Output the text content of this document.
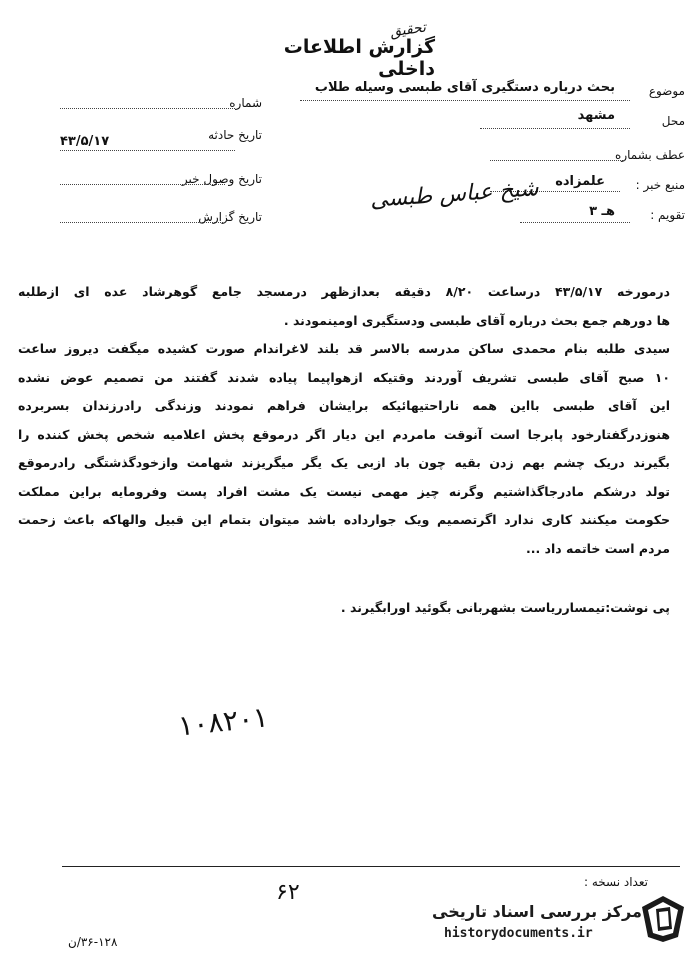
گزارش اطلاعات داخلی
تحقیق
موضوع
بحث درباره دستگیری آقای طبسی وسیله طلاب
محل
مشهد
عطف بشماره
منبع خبر :
علمزاده
تقویم :
هـ ۳
شماره
تاریخ حادثه
۴۳/۵/۱۷
تاریخ وصول خبر
تاریخ گزارش
شیخ عباس طبسی
درمورخه ۴۳/۵/۱۷ درساعت ۸/۲۰ دقیقه بعدازظهر درمسجد جامع گوهرشاد عده ای ازطلبه
ها دورهم جمع بحث درباره آقای طبسی ودستگیری اومینمودند .
سیدی طلبه بنام محمدی ساکن مدرسه بالاسر قد بلند لاغراندام صورت کشیده میگفت دیروز ساعت
۱۰ صبح آقای طبسی تشریف آوردند وقتیکه ازهواپیما پیاده شدند گفتند من تصمیم عوض نشده
این آقای طبسی بااین همه ناراحتیهائیکه برایشان فراهم نمودند وزندگی رادرزندان بسربرده
هنوزدرگفتارخود پابرجا است آنوقت مامردم این دیار اگر درموقع پخش اعلامیه شخص پخش کننده را
بگیرند دریک چشم بهم زدن بقیه چون باد ازبی یک یگر میگریزند شهامت وازخودگذشتگی رادرموقع
تولد درشکم مادرجاگذاشتیم وگرنه چیز مهمی نیست یک مشت افراد پست وفرومایه براین مملکت
حکومت میکنند کاری ندارد اگرتصمیم ویک جوارداده باشد میتوان بتمام این قبیل والهاکه باعث زحمت
مردم است خاتمه داد ...
پی نوشت:تیمسارریاست بشهربانی بگوئید اورابگیرند .
۱۰۸۲۰۱
تعداد نسخه :
۶۲
۳۶-۱۲۸/ن
مرکز بررسی اسناد تاریخی
historydocuments.ir
